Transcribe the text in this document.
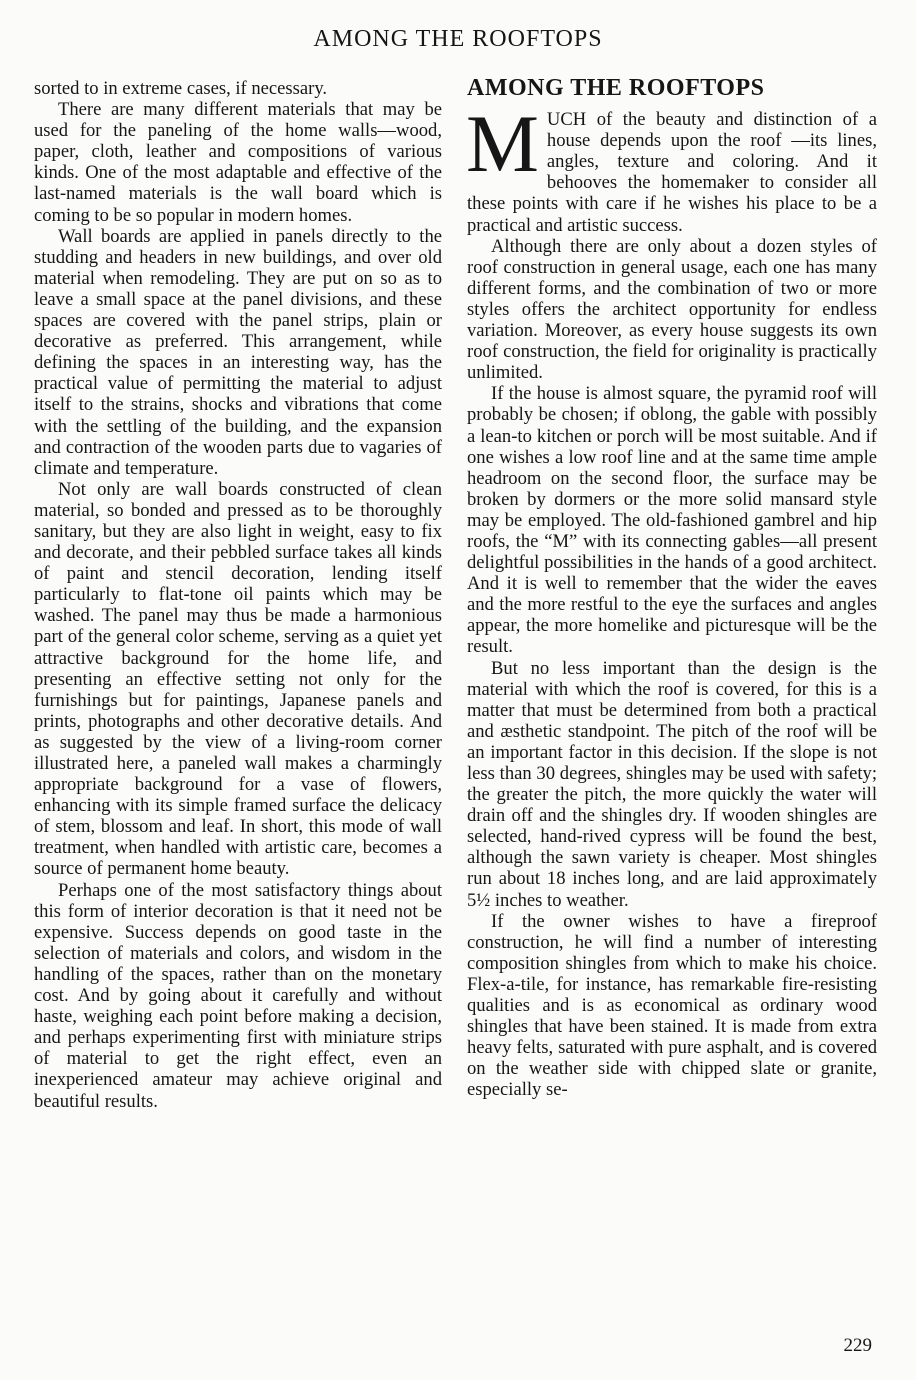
AMONG THE ROOFTOPS

sorted to in extreme cases, if necessary.

There are many different materials that may be used for the paneling of the home walls—wood, paper, cloth, leather and compositions of various kinds. One of the most adaptable and effective of the last-named materials is the wall board which is coming to be so popular in modern homes.

Wall boards are applied in panels directly to the studding and headers in new buildings, and over old material when remodeling. They are put on so as to leave a small space at the panel divisions, and these spaces are covered with the panel strips, plain or decorative as preferred. This arrangement, while defining the spaces in an interesting way, has the practical value of permitting the material to adjust itself to the strains, shocks and vibrations that come with the settling of the building, and the expansion and contraction of the wooden parts due to vagaries of climate and temperature.

Not only are wall boards constructed of clean material, so bonded and pressed as to be thoroughly sanitary, but they are also light in weight, easy to fix and decorate, and their pebbled surface takes all kinds of paint and stencil decoration, lending itself particularly to flat-tone oil paints which may be washed. The panel may thus be made a harmonious part of the general color scheme, serving as a quiet yet attractive background for the home life, and presenting an effective setting not only for the furnishings but for paintings, Japanese panels and prints, photographs and other decorative details. And as suggested by the view of a living-room corner illustrated here, a paneled wall makes a charmingly appropriate background for a vase of flowers, enhancing with its simple framed surface the delicacy of stem, blossom and leaf. In short, this mode of wall treatment, when handled with artistic care, becomes a source of permanent home beauty.

Perhaps one of the most satisfactory things about this form of interior decoration is that it need not be expensive. Success depends on good taste in the selection of materials and colors, and wisdom in the handling of the spaces, rather than on the monetary cost. And by going about it carefully and without haste, weighing each point before making a decision, and perhaps experimenting first with miniature strips of material to get the right effect, even an inexperienced amateur may achieve original and beautiful results.

AMONG THE ROOFTOPS

MUCH of the beauty and distinction of a house depends upon the roof —its lines, angles, texture and coloring. And it behooves the homemaker to consider all these points with care if he wishes his place to be a practical and artistic success.

Although there are only about a dozen styles of roof construction in general usage, each one has many different forms, and the combination of two or more styles offers the architect opportunity for endless variation. Moreover, as every house suggests its own roof construction, the field for originality is practically unlimited.

If the house is almost square, the pyramid roof will probably be chosen; if oblong, the gable with possibly a lean-to kitchen or porch will be most suitable. And if one wishes a low roof line and at the same time ample headroom on the second floor, the surface may be broken by dormers or the more solid mansard style may be employed. The old-fashioned gambrel and hip roofs, the “M” with its connecting gables—all present delightful possibilities in the hands of a good architect. And it is well to remember that the wider the eaves and the more restful to the eye the surfaces and angles appear, the more homelike and picturesque will be the result.

But no less important than the design is the material with which the roof is covered, for this is a matter that must be determined from both a practical and æsthetic standpoint. The pitch of the roof will be an important factor in this decision. If the slope is not less than 30 degrees, shingles may be used with safety; the greater the pitch, the more quickly the water will drain off and the shingles dry. If wooden shingles are selected, hand-rived cypress will be found the best, although the sawn variety is cheaper. Most shingles run about 18 inches long, and are laid approximately 5½ inches to weather.

If the owner wishes to have a fireproof construction, he will find a number of interesting composition shingles from which to make his choice. Flex-a-tile, for instance, has remarkable fire-resisting qualities and is as economical as ordinary wood shingles that have been stained. It is made from extra heavy felts, saturated with pure asphalt, and is covered on the weather side with chipped slate or granite, especially se-

229
